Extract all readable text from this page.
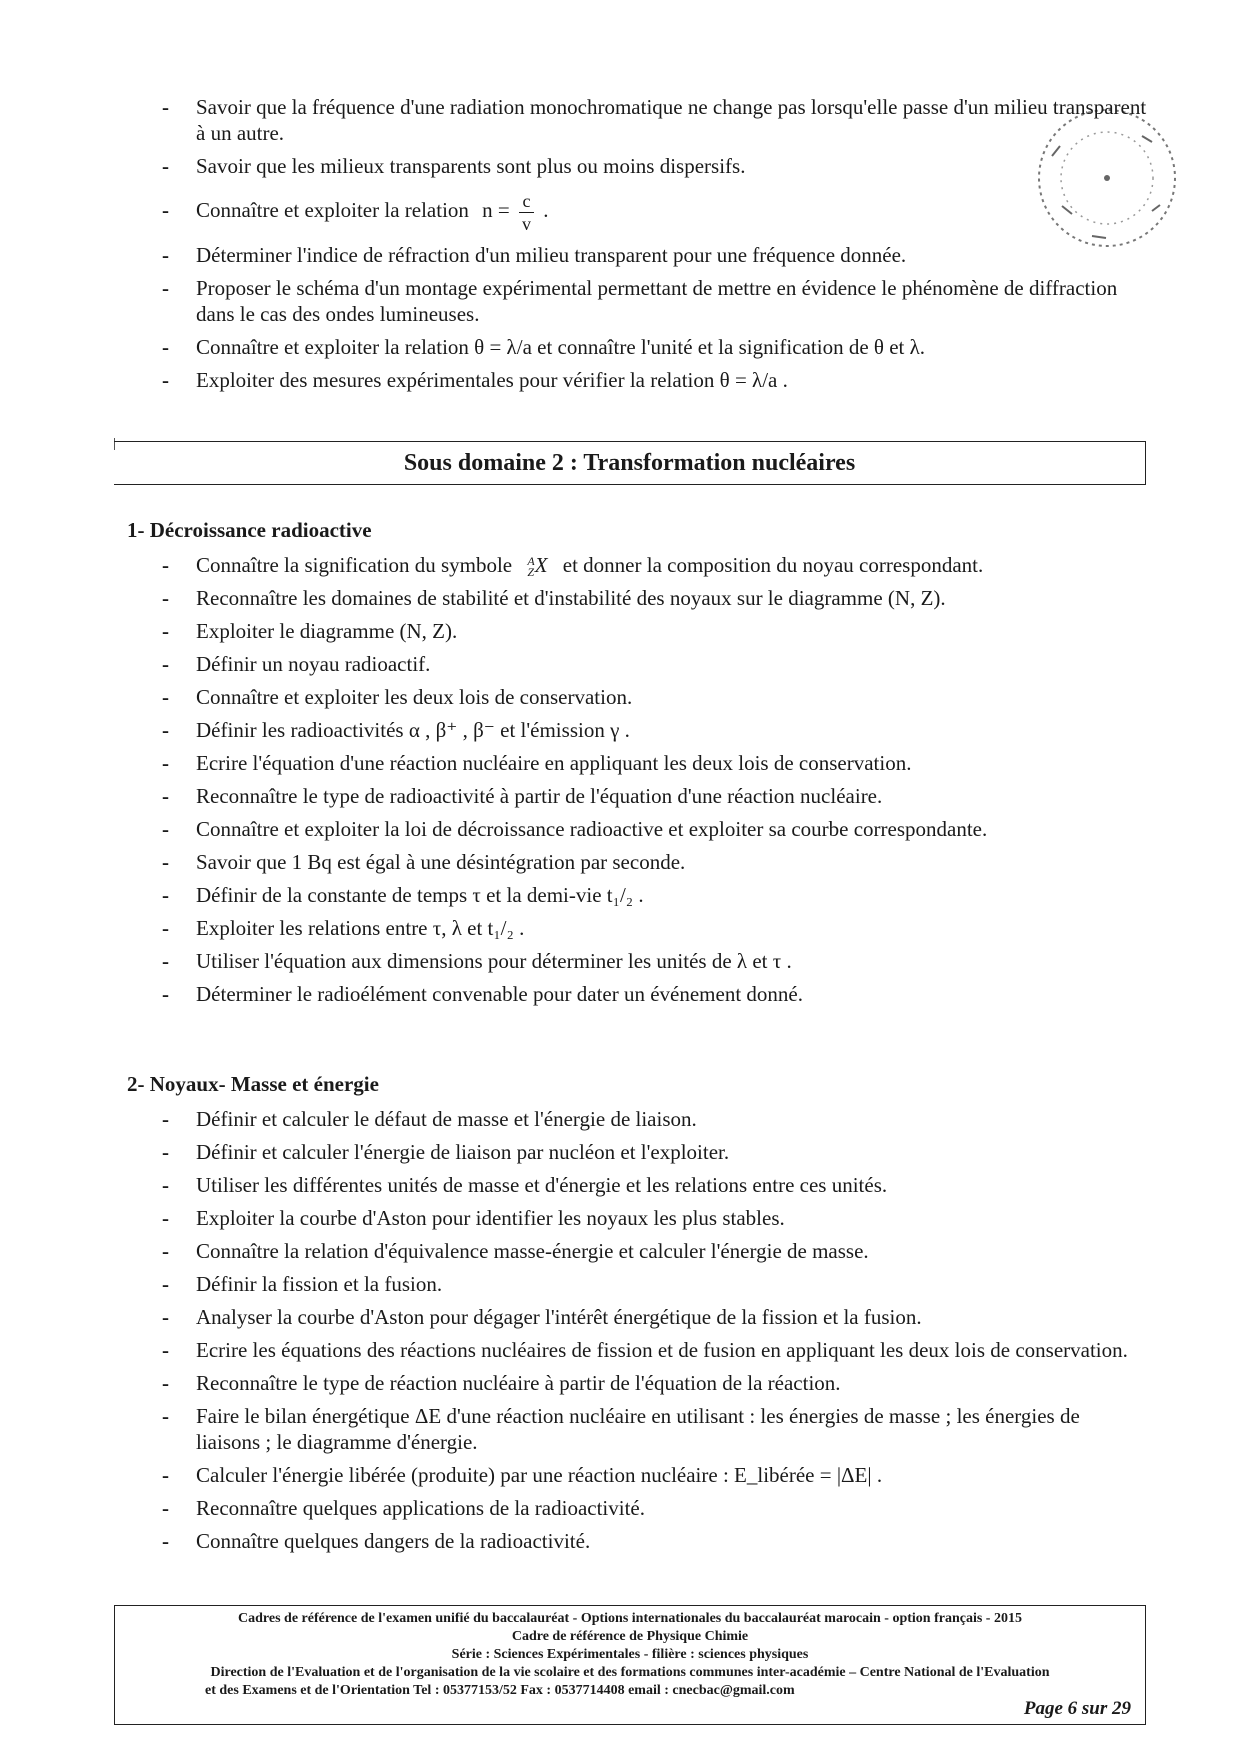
- Savoir que la fréquence d'une radiation monochromatique ne change pas lorsqu'elle passe d'un milieu transparent à un autre.
- Savoir que les milieux transparents sont plus ou moins dispersifs.
- Connaître et exploiter la relation $n = \frac{c}{v}$ .
- Déterminer l'indice de réfraction d'un milieu transparent pour une fréquence donnée.
- Proposer le schéma d'un montage expérimental permettant de mettre en évidence le phénomène de diffraction dans le cas des ondes lumineuses.
- Connaître et exploiter la relation θ = λ/a et connaître l'unité et la signification de θ et λ.
- Exploiter des mesures expérimentales pour vérifier la relation θ = λ/a .
Sous domaine 2 : Transformation nucléaires
1- Décroissance radioactive
- Connaître la signification du symbole A
Z X et donner la composition du noyau correspondant.
- Reconnaître les domaines de stabilité et d'instabilité des noyaux sur le diagramme (N, Z).
- Exploiter le diagramme (N, Z).
- Définir un noyau radioactif.
- Connaître et exploiter les deux lois de conservation.
- Définir les radioactivités α , β⁺ , β⁻ et l'émission γ .
- Ecrire l'équation d'une réaction nucléaire en appliquant les deux lois de conservation.
- Reconnaître le type de radioactivité à partir de l'équation d'une réaction nucléaire.
- Connaître et exploiter la loi de décroissance radioactive et exploiter sa courbe correspondante.
- Savoir que 1 Bq est égal à une désintégration par seconde.
- Définir de la constante de temps τ et la demi-vie t₁/₂ .
- Exploiter les relations entre τ, λ et t₁/₂ .
- Utiliser l'équation aux dimensions pour déterminer les unités de λ et τ .
- Déterminer le radioélément convenable pour dater un événement donné.
2- Noyaux- Masse et énergie
- Définir et calculer le défaut de masse et l'énergie de liaison.
- Définir et calculer l'énergie de liaison par nucléon et l'exploiter.
- Utiliser les différentes unités de masse et d'énergie et les relations entre ces unités.
- Exploiter la courbe d'Aston pour identifier les noyaux les plus stables.
- Connaître la relation d'équivalence masse-énergie et calculer l'énergie de masse.
- Définir la fission et la fusion.
- Analyser la courbe d'Aston pour dégager l'intérêt énergétique de la fission et la fusion.
- Ecrire les équations des réactions nucléaires de fission et de fusion en appliquant les deux lois de conservation.
- Reconnaître le type de réaction nucléaire à partir de l'équation de la réaction.
- Faire le bilan énergétique ΔE d'une réaction nucléaire en utilisant : les énergies de masse ; les énergies de liaisons ; le diagramme d'énergie.
- Calculer l'énergie libérée (produite) par une réaction nucléaire : E_libérée = |ΔE| .
- Reconnaître quelques applications de la radioactivité.
- Connaître quelques dangers de la radioactivité.
Cadres de référence de l'examen unifié du baccalauréat - Options internationales du baccalauréat marocain - option français - 2015
Cadre de référence de Physique Chimie
Série : Sciences Expérimentales - filière : sciences physiques
Direction de l'Evaluation et de l'organisation de la vie scolaire et des formations communes inter-académie – Centre National de l'Evaluation
et des Examens et de l'Orientation Tel : 05377153/52 Fax : 0537714408 email : cnecbac@gmail.com
Page 6 sur 29
